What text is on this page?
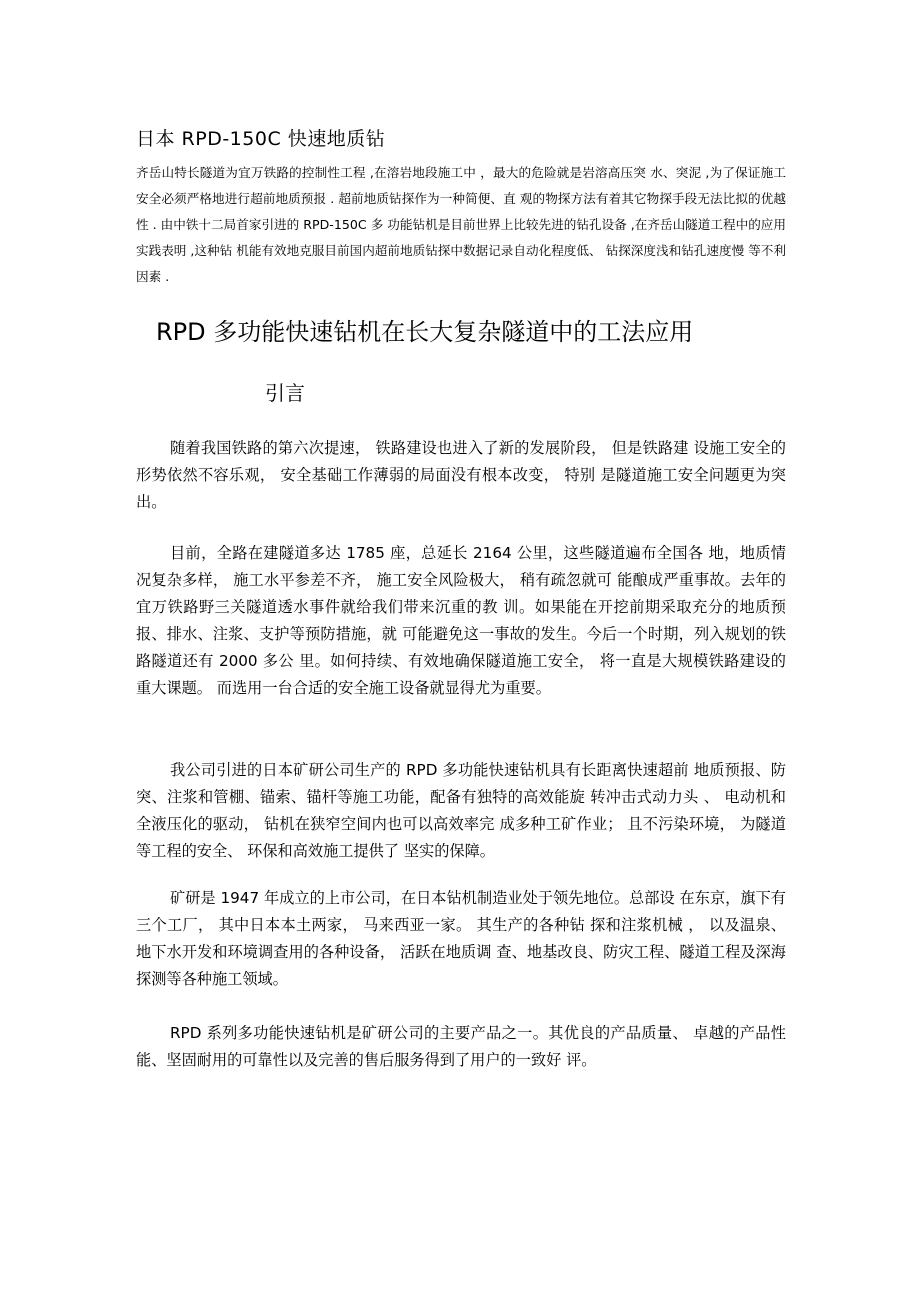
日本 RPD-150C 快速地质钻

齐岳山特长隧道为宜万铁路的控制性工程 ,在溶岩地段施工中 ，最大的危险就是岩溶高压突 水、突泥 ,为了保证施工安全必须严格地进行超前地质预报 . 超前地质钻探作为一种简便、直 观的物探方法有着其它物探手段无法比拟的优越性 . 由中铁十二局首家引进的 RPD-150C 多 功能钻机是目前世界上比较先进的钻孔设备 ,在齐岳山隧道工程中的应用实践表明 ,这种钻 机能有效地克服目前国内超前地质钻探中数据记录自动化程度低、 钻探深度浅和钻孔速度慢 等不利因素 .

RPD 多功能快速钻机在长大复杂隧道中的工法应用
引言

随着我国铁路的第六次提速， 铁路建设也进入了新的发展阶段， 但是铁路建 设施工安全的形势依然不容乐观， 安全基础工作薄弱的局面没有根本改变， 特别 是隧道施工安全问题更为突出。

目前，全路在建隧道多达 1785 座，总延长 2164 公里，这些隧道遍布全国各 地，地质情况复杂多样， 施工水平参差不齐， 施工安全风险极大， 稍有疏忽就可 能酿成严重事故。去年的宜万铁路野三关隧道透水事件就给我们带来沉重的教 训。如果能在开挖前期采取充分的地质预报、排水、注浆、支护等预防措施，就 可能避免这一事故的发生。今后一个时期，列入规划的铁路隧道还有 2000 多公 里。如何持续、有效地确保隧道施工安全， 将一直是大规模铁路建设的重大课题。 而选用一台合适的安全施工设备就显得尤为重要。

我公司引进的日本矿研公司生产的 RPD 多功能快速钻机具有长距离快速超前 地质预报、防突、注浆和管棚、锚索、锚杆等施工功能，配备有独特的高效能旋 转冲击式动力头 、 电动机和全液压化的驱动， 钻机在狭窄空间内也可以高效率完 成多种工矿作业； 且不污染环境， 为隧道等工程的安全、 环保和高效施工提供了 坚实的保障。

矿研是 1947 年成立的上市公司，在日本钻机制造业处于领先地位。总部设 在东京，旗下有三个工厂， 其中日本本土两家， 马来西亚一家。 其生产的各种钻 探和注浆机械 ， 以及温泉、 地下水开发和环境调查用的各种设备， 活跃在地质调 查、地基改良、防灾工程、隧道工程及深海探测等各种施工领域。

RPD 系列多功能快速钻机是矿研公司的主要产品之一。其优良的产品质量、 卓越的产品性能、坚固耐用的可靠性以及完善的售后服务得到了用户的一致好 评。
